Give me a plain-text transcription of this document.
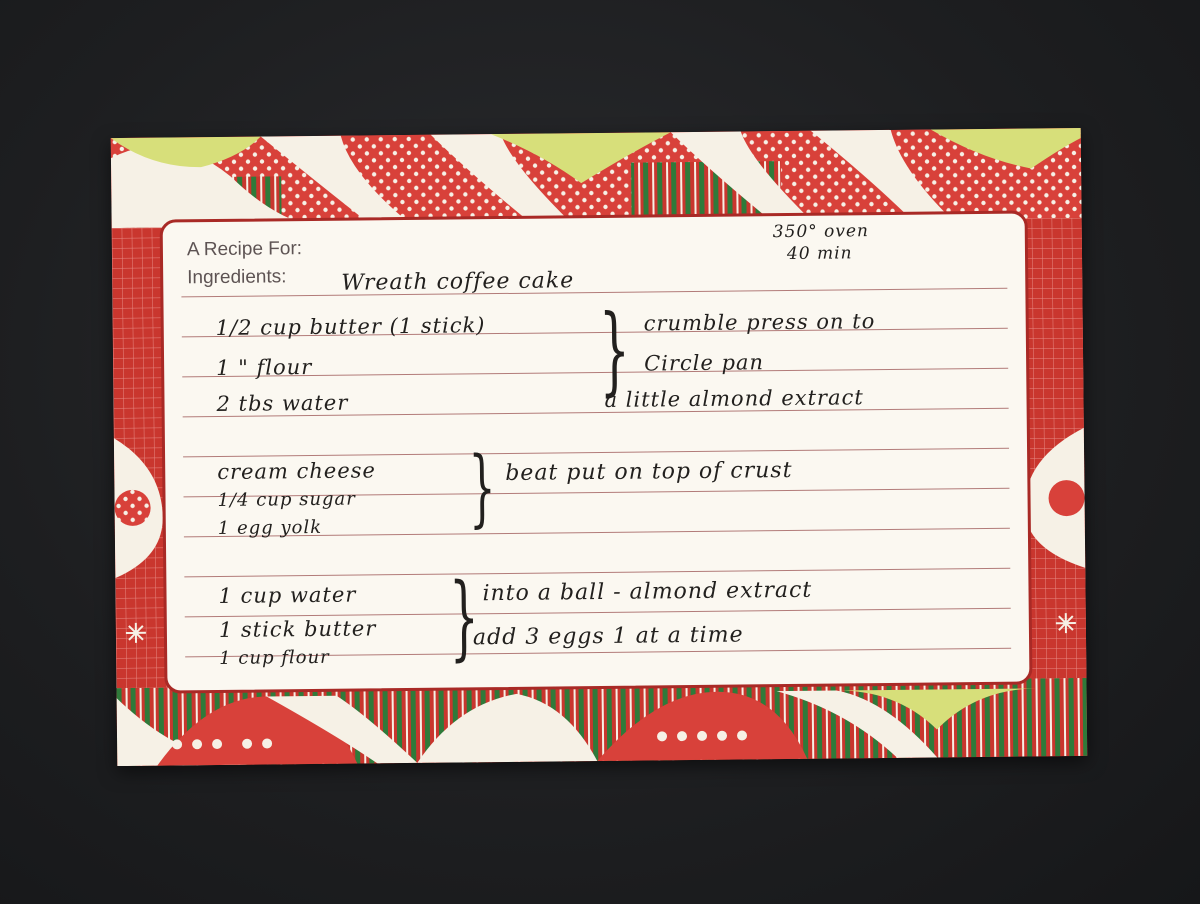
A Recipe For:
Ingredients: Wreath coffee cake
350° oven
40 min
1/2 cup butter (1 stick)
1 " flour
2 tbs water	} crumble press on to
Circle pan
a little almond extract
cream cheese
1/4 cup sugar
1 egg yolk } beat put on top of crust
1 cup water
1 stick butter
1 cup flour } into a ball - almond extract
add 3 eggs 1 at a time
